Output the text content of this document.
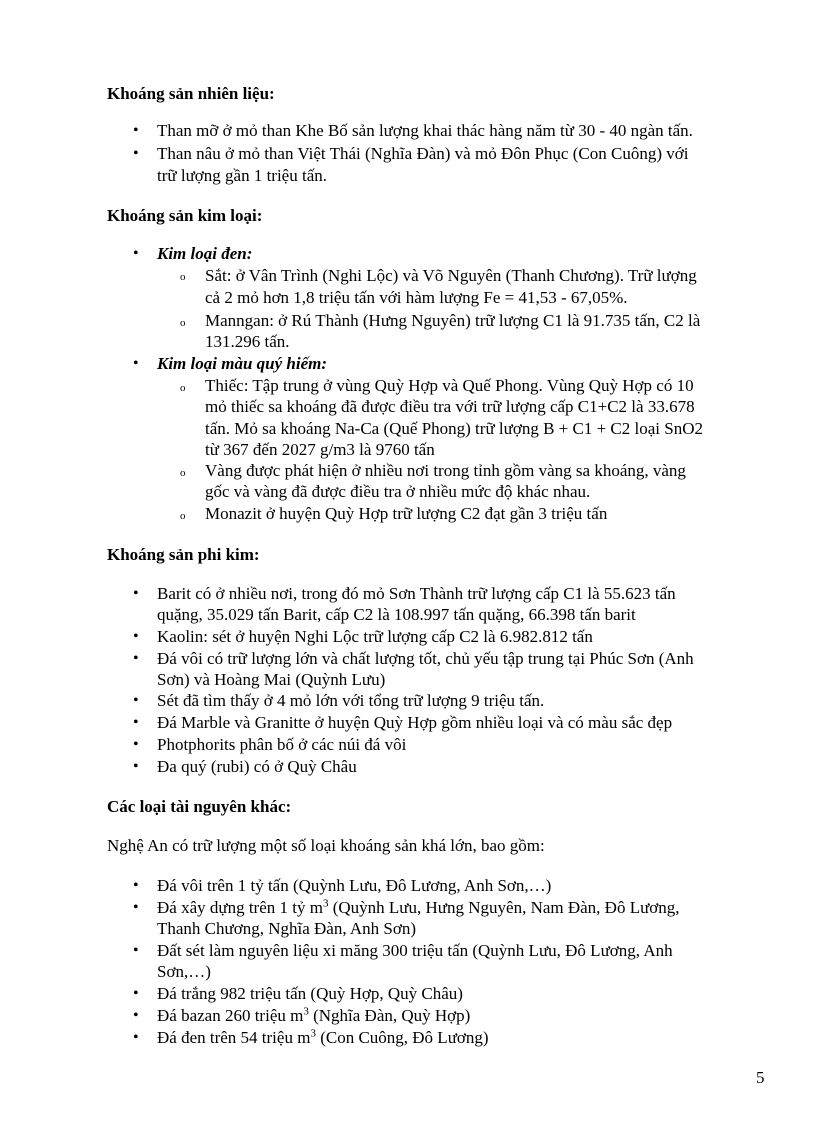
Khoáng sản nhiên liệu:
• Than mỡ ở mỏ than Khe Bố sản lượng khai thác hàng năm từ 30 - 40 ngàn tấn.
• Than nâu ở mỏ than Việt Thái (Nghĩa Đàn) và mỏ Đôn Phục (Con Cuông) với
trữ lượng gần 1 triệu tấn.
Khoáng sản kim loại:
• Kim loại đen:
o Sắt: ở Vân Trình (Nghi Lộc) và Võ Nguyên (Thanh Chương). Trữ lượng
cả 2 mỏ hơn 1,8 triệu tấn với hàm lượng Fe = 41,53 - 67,05%.
o Manngan: ở Rú Thành (Hưng Nguyên) trữ lượng C1 là 91.735 tấn, C2 là
131.296 tấn.
• Kim loại màu quý hiếm:
o Thiếc: Tập trung ở vùng Quỳ Hợp và Quế Phong. Vùng Quỳ Hợp có 10
mỏ thiếc sa khoáng đã được điều tra với trữ lượng cấp C1+C2 là 33.678
tấn. Mỏ sa khoáng Na-Ca (Quế Phong) trữ lượng B + C1 + C2 loại SnO2
từ 367 đến 2027 g/m3 là 9760 tấn
o Vàng được phát hiện ở nhiều nơi trong tỉnh gồm vàng sa khoáng, vàng
gốc và vàng đã được điều tra ở nhiều mức độ khác nhau.
o Monazit ở huyện Quỳ Hợp trữ lượng C2 đạt gần 3 triệu tấn
Khoáng sản phi kim:
• Barit có ở nhiều nơi, trong đó mỏ Sơn Thành trữ lượng cấp C1 là 55.623 tấn
quặng, 35.029 tấn Barit, cấp C2 là 108.997 tấn quặng, 66.398 tấn barit
• Kaolin: sét ở huyện Nghi Lộc trữ lượng cấp C2 là 6.982.812 tấn
• Đá vôi có trữ lượng lớn và chất lượng tốt, chủ yếu tập trung tại Phúc Sơn (Anh
Sơn) và Hoàng Mai (Quỳnh Lưu)
• Sét đã tìm thấy ở 4 mỏ lớn với tổng trữ lượng 9 triệu tấn.
• Đá Marble và Granitte ở huyện Quỳ Hợp gồm nhiều loại và có màu sắc đẹp
• Photphorits phân bố ở các núi đá vôi
• Đa quý (rubi) có ở Quỳ Châu
Các loại tài nguyên khác:
Nghệ An có trữ lượng một số loại khoáng sản khá lớn, bao gồm:
• Đá vôi trên 1 tỷ tấn (Quỳnh Lưu, Đô Lương, Anh Sơn,…)
• Đá xây dựng trên 1 tỷ $m^3$ (Quỳnh Lưu, Hưng Nguyên, Nam Đàn, Đô Lương,
Thanh Chương, Nghĩa Đàn, Anh Sơn)
• Đất sét làm nguyên liệu xi măng 300 triệu tấn (Quỳnh Lưu, Đô Lương, Anh
Sơn,…)
• Đá trắng 982 triệu tấn (Quỳ Hợp, Quỳ Châu)
• Đá bazan 260 triệu $m^3$ (Nghĩa Đàn, Quỳ Hợp)
• Đá đen trên 54 triệu $m^3$ (Con Cuông, Đô Lương)
5
